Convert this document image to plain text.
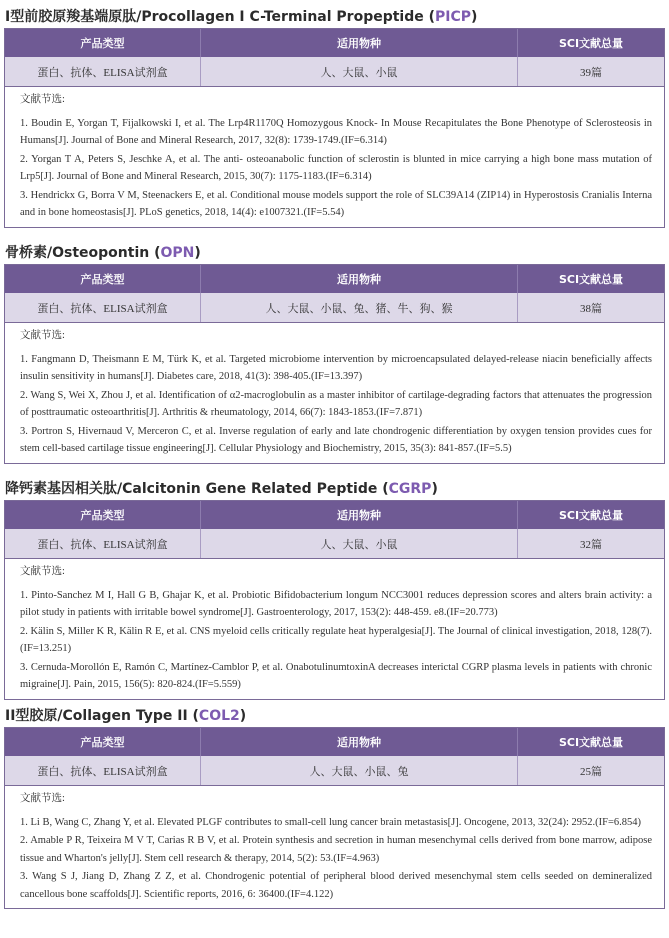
I型前胶原羧基端原肽/Procollagen I C-Terminal Propeptide (PICP)
产品类型	适用物种	SCI文献总量
蛋白、抗体、ELISA试剂盒	人、大鼠、小鼠	39篇

文献节选:

1. Boudin E, Yorgan T, Fijalkowski I, et al. The Lrp4R1170Q Homozygous Knock- In Mouse Recapitulates the Bone Phenotype of Sclerosteosis in Humans[J]. Journal of Bone and Mineral Research, 2017, 32(8): 1739-1749.(IF=6.314)

2. Yorgan T A, Peters S, Jeschke A, et al. The anti- osteoanabolic function of sclerostin is blunted in mice carrying a high bone mass mutation of Lrp5[J]. Journal of Bone and Mineral Research, 2015, 30(7): 1175-1183.(IF=6.314)

3. Hendrickx G, Borra V M, Steenackers E, et al. Conditional mouse models support the role of SLC39A14 (ZIP14) in Hyperostosis Cranialis Interna and in bone homeostasis[J]. PLoS genetics, 2018, 14(4): e1007321.(IF=5.54)

骨桥素/Osteopontin (OPN)
产品类型	适用物种	SCI文献总量
蛋白、抗体、ELISA试剂盒	人、大鼠、小鼠、兔、猪、牛、狗、猴	38篇

文献节选:

1. Fangmann D, Theismann E M, Türk K, et al. Targeted microbiome intervention by microencapsulated delayed-release niacin beneficially affects insulin sensitivity in humans[J]. Diabetes care, 2018, 41(3): 398-405.(IF=13.397)

2. Wang S, Wei X, Zhou J, et al. Identification of α2-macroglobulin as a master inhibitor of cartilage-degrading factors that attenuates the progression of posttraumatic osteoarthritis[J]. Arthritis & rheumatology, 2014, 66(7): 1843-1853.(IF=7.871)

3. Portron S, Hivernaud V, Merceron C, et al. Inverse regulation of early and late chondrogenic differentiation by oxygen tension provides cues for stem cell-based cartilage tissue engineering[J]. Cellular Physiology and Biochemistry, 2015, 35(3): 841-857.(IF=5.5)

降钙素基因相关肽/Calcitonin Gene Related Peptide (CGRP)
产品类型	适用物种	SCI文献总量
蛋白、抗体、ELISA试剂盒	人、大鼠、小鼠	32篇

文献节选:

1. Pinto-Sanchez M I, Hall G B, Ghajar K, et al. Probiotic Bifidobacterium longum NCC3001 reduces depression scores and alters brain activity: a pilot study in patients with irritable bowel syndrome[J]. Gastroenterology, 2017, 153(2): 448-459. e8.(IF=20.773)

2. Kälin S, Miller K R, Kälin R E, et al. CNS myeloid cells critically regulate heat hyperalgesia[J]. The Journal of clinical investigation, 2018, 128(7).(IF=13.251)

3. Cernuda-Morollón E, Ramón C, Martínez-Camblor P, et al. OnabotulinumtoxinA decreases interictal CGRP plasma levels in patients with chronic migraine[J]. Pain, 2015, 156(5): 820-824.(IF=5.559)

II型胶原/Collagen Type II (COL2)
产品类型	适用物种	SCI文献总量
蛋白、抗体、ELISA试剂盒	人、大鼠、小鼠、兔	25篇

文献节选:

1. Li B, Wang C, Zhang Y, et al. Elevated PLGF contributes to small-cell lung cancer brain metastasis[J]. Oncogene, 2013, 32(24): 2952.(IF=6.854)

2. Amable P R, Teixeira M V T, Carias R B V, et al. Protein synthesis and secretion in human mesenchymal cells derived from bone marrow, adipose tissue and Wharton's jelly[J]. Stem cell research & therapy, 2014, 5(2): 53.(IF=4.963)

3. Wang S J, Jiang D, Zhang Z Z, et al. Chondrogenic potential of peripheral blood derived mesenchymal stem cells seeded on demineralized cancellous bone scaffolds[J]. Scientific reports, 2016, 6: 36400.(IF=4.122)
